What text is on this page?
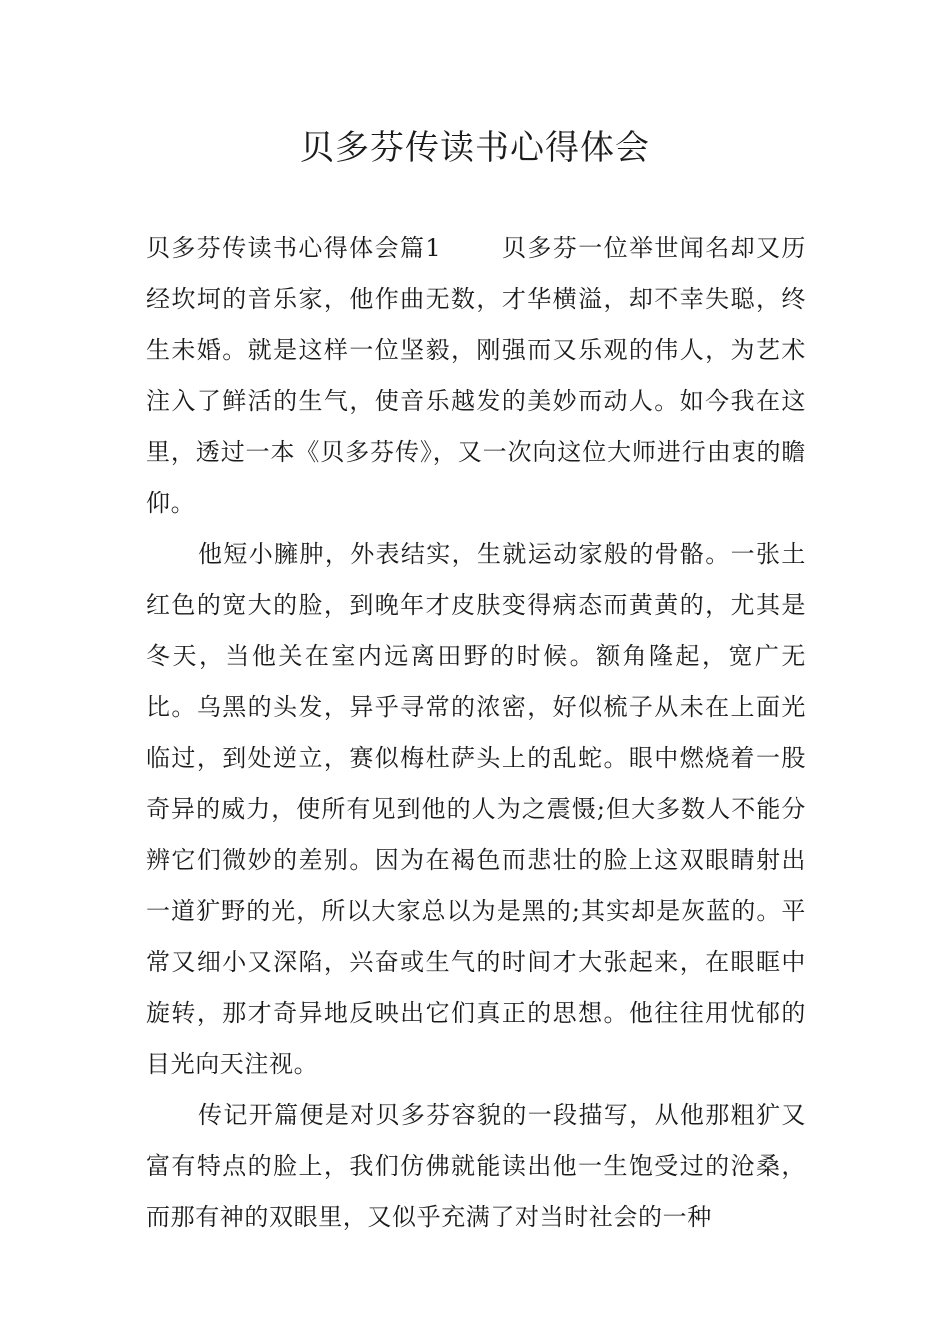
贝多芬传读书心得体会

贝多芬传读书心得体会篇1	贝多芬一位举世闻名却又历经坎坷的音乐家，他作曲无数，才华横溢，却不幸失聪，终生未婚。就是这样一位坚毅，刚强而又乐观的伟人，为艺术注入了鲜活的生气，使音乐越发的美妙而动人。如今我在这里，透过一本《贝多芬传》，又一次向这位大师进行由衷的瞻仰。

他短小臃肿，外表结实，生就运动家般的骨骼。一张土红色的宽大的脸，到晚年才皮肤变得病态而黄黄的，尤其是冬天，当他关在室内远离田野的时候。额角隆起，宽广无比。乌黑的头发，异乎寻常的浓密，好似梳子从未在上面光临过，到处逆立，赛似梅杜萨头上的乱蛇。眼中燃烧着一股奇异的威力，使所有见到他的人为之震慑;但大多数人不能分辨它们微妙的差别。因为在褐色而悲壮的脸上这双眼睛射出一道犷野的光，所以大家总以为是黑的;其实却是灰蓝的。平常又细小又深陷，兴奋或生气的时间才大张起来，在眼眶中旋转，那才奇异地反映出它们真正的思想。他往往用忧郁的目光向天注视。

传记开篇便是对贝多芬容貌的一段描写，从他那粗犷又富有特点的脸上，我们仿佛就能读出他一生饱受过的沧桑，而那有神的双眼里，又似乎充满了对当时社会的一种
